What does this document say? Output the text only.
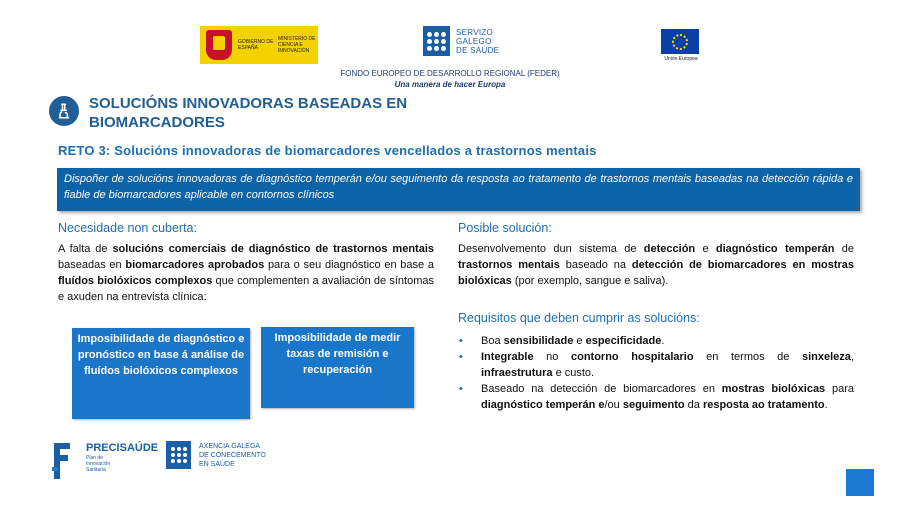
GOBIERNO DE ESPAÑA
MINISTERIO DE CIENCIA E INNOVACIÓN
SERVIZO
GALEGO
DE SAÚDE
Unión Europea
FONDO EUROPEO DE DESARROLLO REGIONAL (FEDER)
Una manera de hacer Europa
SOLUCIÓNS INNOVADORAS BASEADAS EN
BIOMARCADORES
RETO 3: Solucións innovadoras de biomarcadores vencellados a trastornos mentais
Dispoñer de solucións innovadoras de diagnóstico temperán e/ou seguimento da resposta ao tratamento de trastornos mentais baseadas na detección rápida e fiable de biomarcadores aplicable en contornos clínicos
Necesidade non cuberta:
A falta de solucións comerciais de diagnóstico de trastornos mentais baseadas en biomarcadores aprobados para o seu diagnóstico en base a fluídos biolóxicos complexos que complementen a avaliación de síntomas e axuden na entrevista clínica:
Imposibilidade de diagnóstico e pronóstico en base á análise de fluídos biolóxicos complexos
Imposibilidade de medir
taxas de remisión e
recuperación
Posible solución:
Desenvolvemento dun sistema de detección e diagnóstico temperán de trastornos mentais baseado na detección de biomarcadores en mostras biolóxicas (por exemplo, sangue e saliva).
Requisitos que deben cumprir as solucións:
• Boa sensibilidade e especificidade.
• Integrable no contorno hospitalario en termos de sinxeleza, infraestrutura e custo.
• Baseado na detección de biomarcadores en mostras biolóxicas para diagnóstico temperán e/ou seguimento da resposta ao tratamento.
PRECISAÚDE
Plan de Innovación Sanitaria
AXENCIA GALEGA
DE CONECEMENTO
EN SAÚDE
